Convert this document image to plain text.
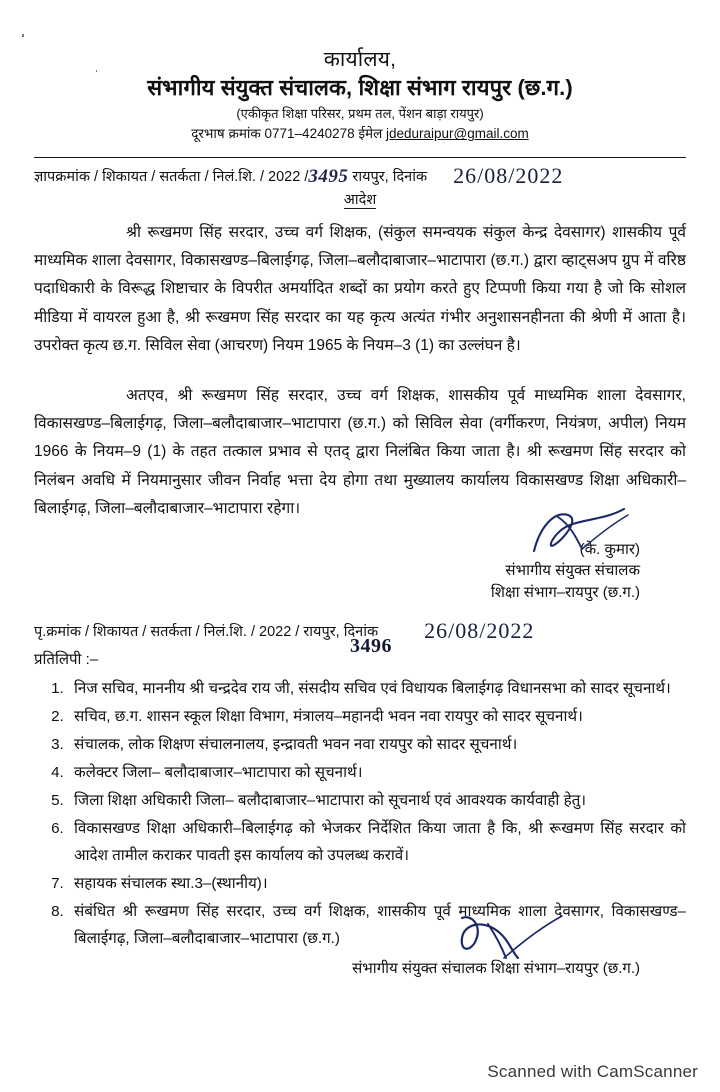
कार्यालय,
संभागीय संयुक्त संचालक, शिक्षा संभाग रायपुर (छ.ग.)
(एकीकृत शिक्षा परिसर, प्रथम तल, पेंशन बाड़ा रायपुर)
दूरभाष क्रमांक 0771–4240278 ईमेल jdeduraipur@gmail.com
ज्ञापक्रमांक / शिकायत / सतर्कता / निलं.शि. / 2022 /3495 रायपुर, दिनांक 26/08/2022
आदेश

श्री रूखमण सिंह सरदार, उच्च वर्ग शिक्षक, (संकुल समन्वयक संकुल केन्द्र देवसागर) शासकीय पूर्व माध्यमिक शाला देवसागर, विकासखण्ड–बिलाईगढ़, जिला–बलौदाबाजार–भाटापारा (छ.ग.) द्वारा व्हाट्सअप ग्रुप में वरिष्ठ पदाधिकारी के विरूद्ध शिष्टाचार के विपरीत अमर्यादित शब्दों का प्रयोग करते हुए टिप्पणी किया गया है जो कि सोशल मीडिया में वायरल हुआ है, श्री रूखमण सिंह सरदार का यह कृत्य अत्यंत गंभीर अनुशासनहीनता की श्रेणी में आता है। उपरोक्त कृत्य छ.ग. सिविल सेवा (आचरण) नियम 1965 के नियम–3 (1) का उल्लंघन है।

अतएव, श्री रूखमण सिंह सरदार, उच्च वर्ग शिक्षक, शासकीय पूर्व माध्यमिक शाला देवसागर, विकासखण्ड–बिलाईगढ़, जिला–बलौदाबाजार–भाटापारा (छ.ग.) को सिविल सेवा (वर्गीकरण, नियंत्रण, अपील) नियम 1966 के नियम–9 (1) के तहत तत्काल प्रभाव से एतद् द्वारा निलंबित किया जाता है। श्री रूखमण सिंह सरदार को निलंबन अवधि में नियमानुसार जीवन निर्वाह भत्ता देय होगा तथा मुख्यालय कार्यालय विकासखण्ड शिक्षा अधिकारी–बिलाईगढ़, जिला–बलौदाबाजार–भाटापारा रहेगा।

(के. कुमार)
संभागीय संयुक्त संचालक
शिक्षा संभाग–रायपुर (छ.ग.)
पृ.क्रमांक / शिकायत / सतर्कता / निलं.शि. / 2022 / रायपुर, दिनांक 26/08/2022
3496
प्रतिलिपी :–
1. निज सचिव, माननीय श्री चन्द्रदेव राय जी, संसदीय सचिव एवं विधायक बिलाईगढ़ विधानसभा को सादर सूचनार्थ।
2. सचिव, छ.ग. शासन स्कूल शिक्षा विभाग, मंत्रालय–महानदी भवन नवा रायपुर को सादर सूचनार्थ।
3. संचालक, लोक शिक्षण संचालनालय, इन्द्रावती भवन नवा रायपुर को सादर सूचनार्थ।
4. कलेक्टर जिला– बलौदाबाजार–भाटापारा को सूचनार्थ।
5. जिला शिक्षा अधिकारी जिला– बलौदाबाजार–भाटापारा को सूचनार्थ एवं आवश्यक कार्यवाही हेतु।
6. विकासखण्ड शिक्षा अधिकारी–बिलाईगढ़ को भेजकर निर्देशित किया जाता है कि, श्री रूखमण सिंह सरदार को आदेश तामील कराकर पावती इस कार्यालय को उपलब्ध करावें।
7. सहायक संचालक स्था.3–(स्थानीय)।
8. संबंधित श्री रूखमण सिंह सरदार, उच्च वर्ग शिक्षक, शासकीय पूर्व माध्यमिक शाला देवसागर, विकासखण्ड–बिलाईगढ़, जिला–बलौदाबाजार–भाटापारा (छ.ग.)
संभागीय संयुक्त संचालक शिक्षा संभाग–रायपुर (छ.ग.)
Scanned with CamScanner
